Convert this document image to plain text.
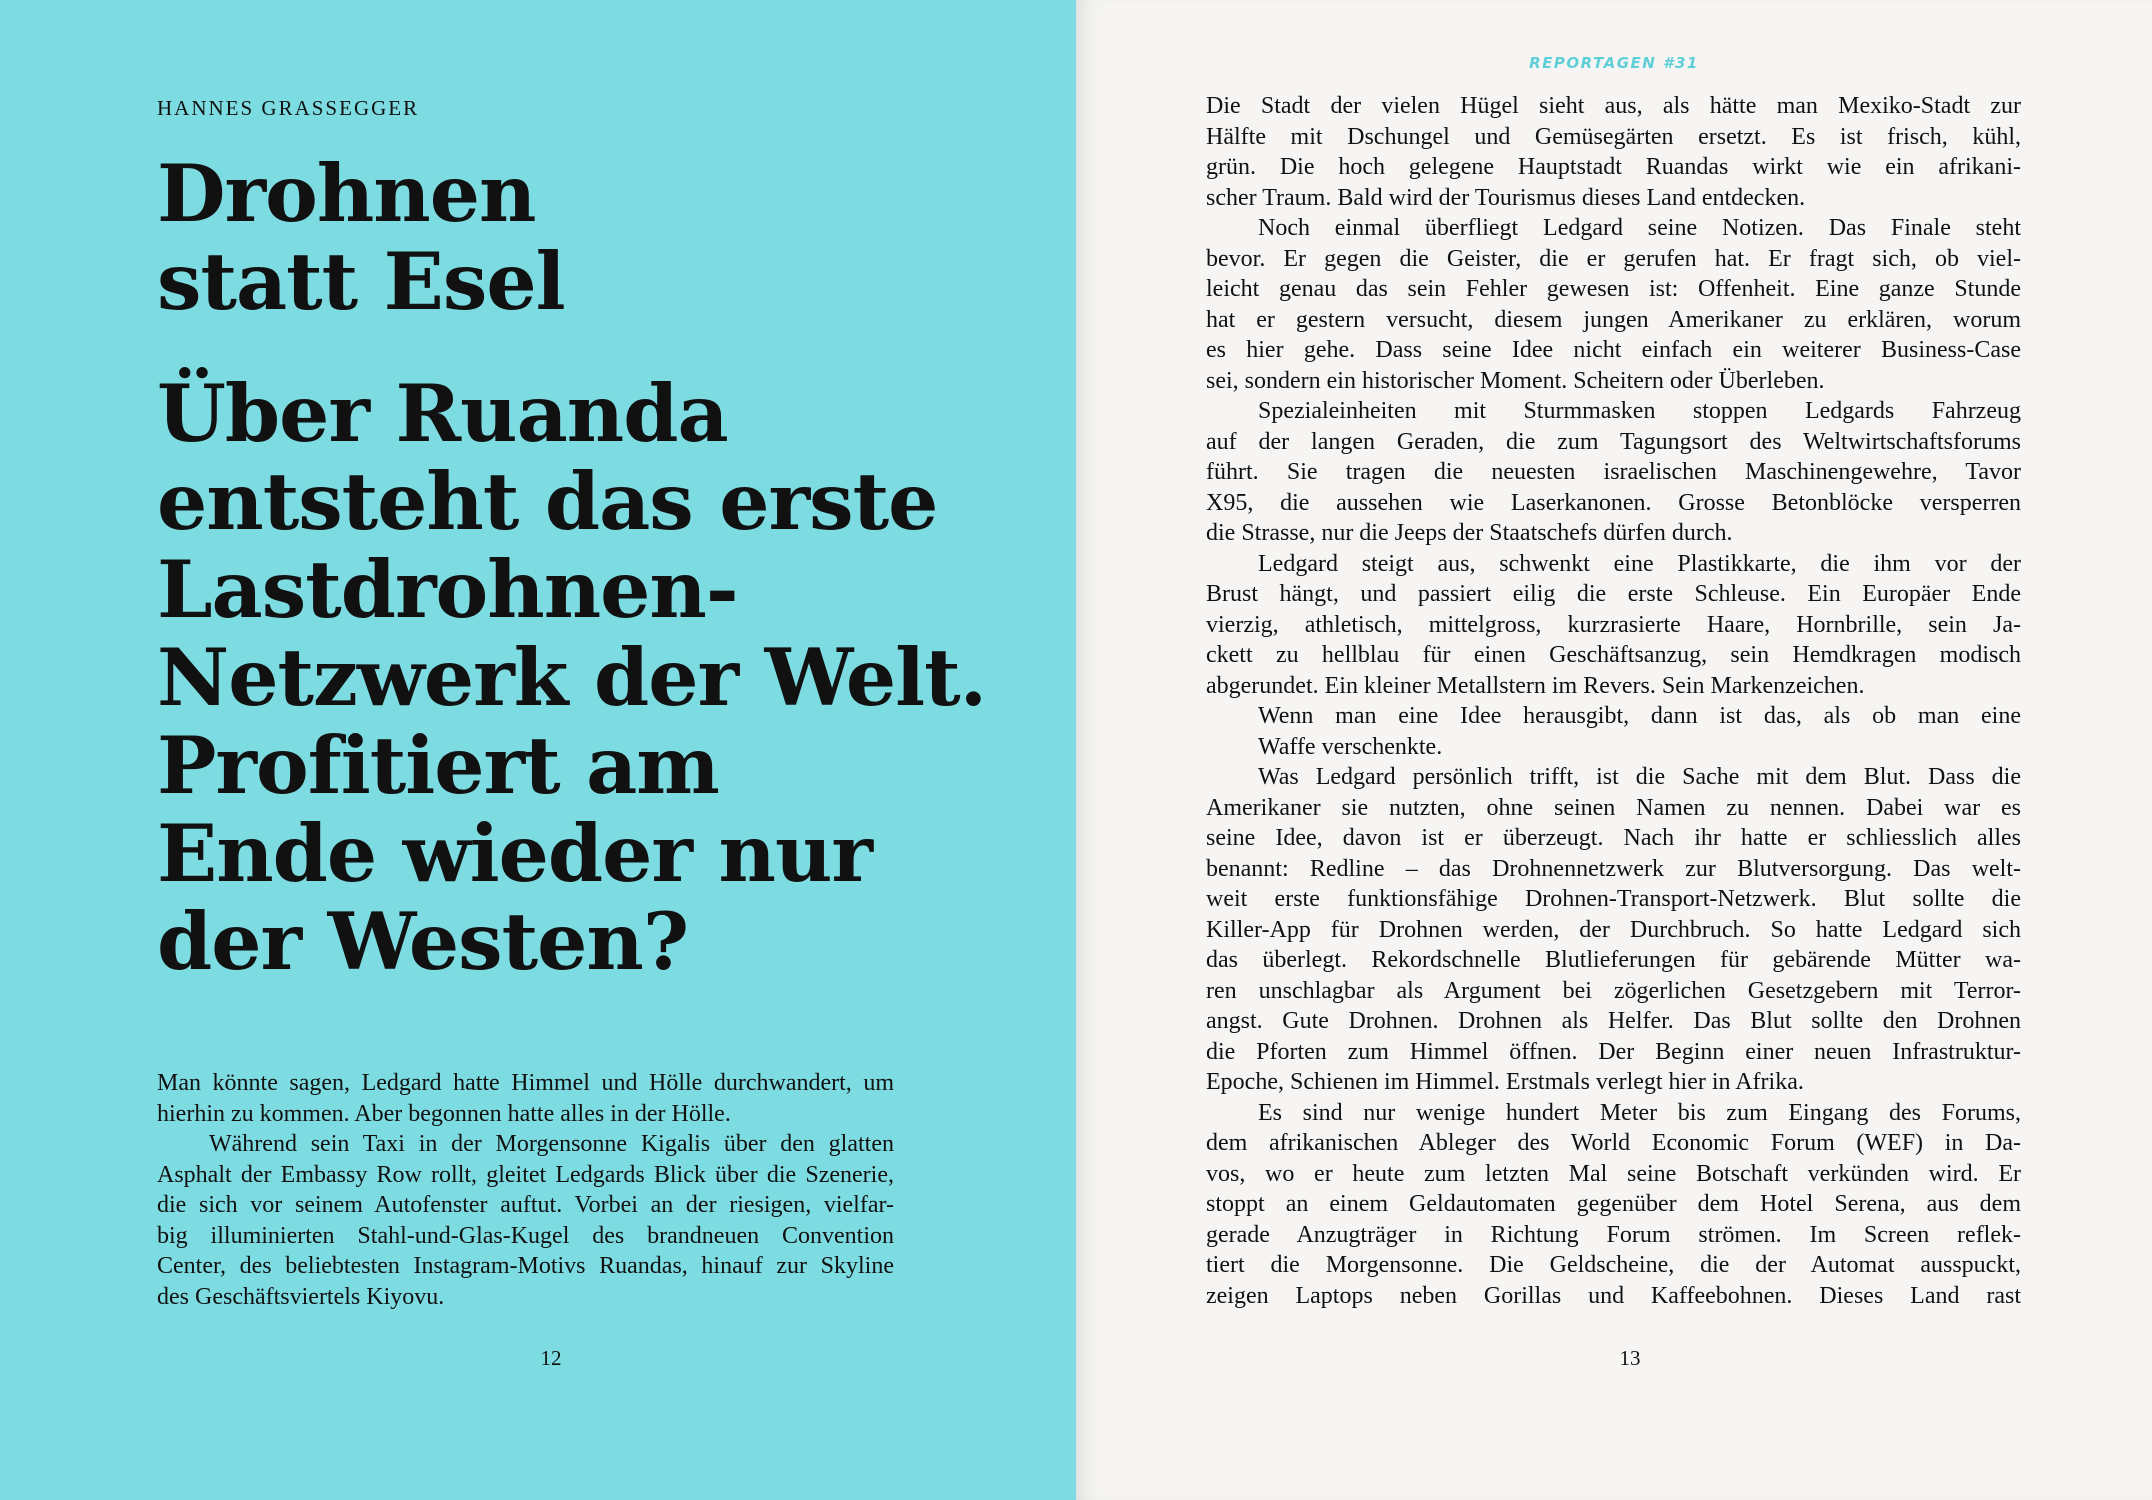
HANNES GRASSEGGER

Drohnen
statt Esel
Über Ruanda
entsteht das erste
Lastdrohnen-
Netzwerk der Welt.
Profitiert am
Ende wieder nur
der Westen?
Man könnte sagen, Ledgard hatte Himmel und Hölle durchwandert, um
hierhin zu kommen. Aber begonnen hatte alles in der Hölle.
Während sein Taxi in der Morgensonne Kigalis über den glatten
Asphalt der Embassy Row rollt, gleitet Ledgards Blick über die Szenerie,
die sich vor seinem Autofenster auftut. Vorbei an der riesigen, vielfar-
big illuminierten Stahl-und-Glas-Kugel des brandneuen Convention
Center, des beliebtesten Instagram-Motivs Ruandas, hinauf zur Skyline
des Geschäftsviertels Kiyovu.
12
REPORTAGEN #31
Die Stadt der vielen Hügel sieht aus, als hätte man Mexiko-Stadt zur
Hälfte mit Dschungel und Gemüsegärten ersetzt. Es ist frisch, kühl,
grün. Die hoch gelegene Hauptstadt Ruandas wirkt wie ein afrikani-
scher Traum. Bald wird der Tourismus dieses Land entdecken.
Noch einmal überfliegt Ledgard seine Notizen. Das Finale steht
bevor. Er gegen die Geister, die er gerufen hat. Er fragt sich, ob viel-
leicht genau das sein Fehler gewesen ist: Offenheit. Eine ganze Stunde
hat er gestern versucht, diesem jungen Amerikaner zu erklären, worum
es hier gehe. Dass seine Idee nicht einfach ein weiterer Business-Case
sei, sondern ein historischer Moment. Scheitern oder Überleben.
Spezialeinheiten mit Sturmmasken stoppen Ledgards Fahrzeug
auf der langen Geraden, die zum Tagungsort des Weltwirtschaftsforums
führt. Sie tragen die neuesten israelischen Maschinengewehre, Tavor
X95, die aussehen wie Laserkanonen. Grosse Betonblöcke versperren
die Strasse, nur die Jeeps der Staatschefs dürfen durch.
Ledgard steigt aus, schwenkt eine Plastikkarte, die ihm vor der
Brust hängt, und passiert eilig die erste Schleuse. Ein Europäer Ende
vierzig, athletisch, mittelgross, kurzrasierte Haare, Hornbrille, sein Ja-
ckett zu hellblau für einen Geschäftsanzug, sein Hemdkragen modisch
abgerundet. Ein kleiner Metallstern im Revers. Sein Markenzeichen.
Wenn man eine Idee herausgibt, dann ist das, als ob man eine
Waffe verschenkte.
Was Ledgard persönlich trifft, ist die Sache mit dem Blut. Dass die
Amerikaner sie nutzten, ohne seinen Namen zu nennen. Dabei war es
seine Idee, davon ist er überzeugt. Nach ihr hatte er schliesslich alles
benannt: Redline – das Drohnennetzwerk zur Blutversorgung. Das welt-
weit erste funktionsfähige Drohnen-Transport-Netzwerk. Blut sollte die
Killer-App für Drohnen werden, der Durchbruch. So hatte Ledgard sich
das überlegt. Rekordschnelle Blutlieferungen für gebärende Mütter wa-
ren unschlagbar als Argument bei zögerlichen Gesetzgebern mit Terror-
angst. Gute Drohnen. Drohnen als Helfer. Das Blut sollte den Drohnen
die Pforten zum Himmel öffnen. Der Beginn einer neuen Infrastruktur-
Epoche, Schienen im Himmel. Erstmals verlegt hier in Afrika.
Es sind nur wenige hundert Meter bis zum Eingang des Forums,
dem afrikanischen Ableger des World Economic Forum (WEF) in Da-
vos, wo er heute zum letzten Mal seine Botschaft verkünden wird. Er
stoppt an einem Geldautomaten gegenüber dem Hotel Serena, aus dem
gerade Anzugträger in Richtung Forum strömen. Im Screen reflek-
tiert die Morgensonne. Die Geldscheine, die der Automat ausspuckt,
zeigen Laptops neben Gorillas und Kaffeebohnen. Dieses Land rast
13
